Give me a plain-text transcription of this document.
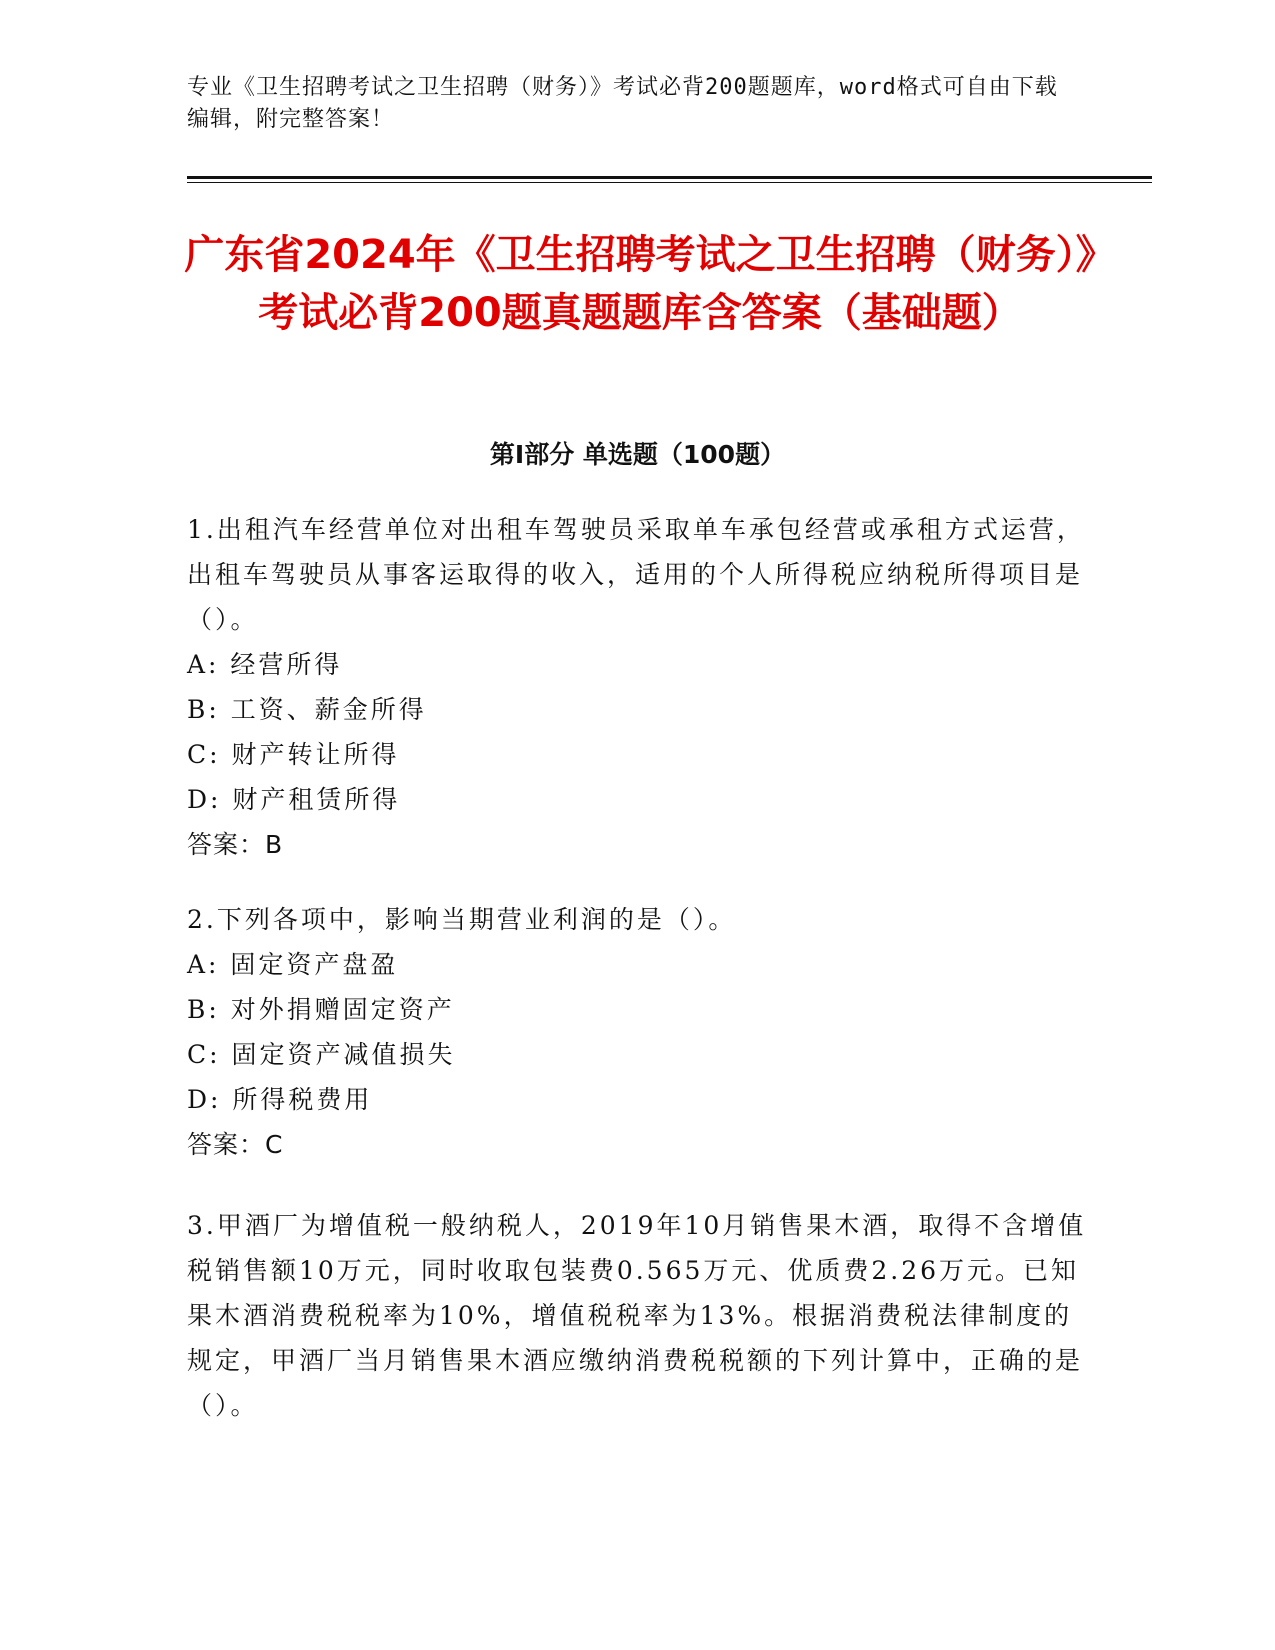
专业《卫生招聘考试之卫生招聘（财务）》考试必背200题题库，word格式可自由下载编辑，附完整答案！
广东省2024年《卫生招聘考试之卫生招聘（财务）》考试必背200题真题题库含答案（基础题）
第Ⅰ部分 单选题（100题）

1.出租汽车经营单位对出租车驾驶员采取单车承包经营或承租方式运营，出租车驾驶员从事客运取得的收入，适用的个人所得税应纳税所得项目是（）。

A: 经营所得

B: 工资、薪金所得

C: 财产转让所得

D: 财产租赁所得

答案：B

2.下列各项中，影响当期营业利润的是（）。

A: 固定资产盘盈

B: 对外捐赠固定资产

C: 固定资产减值损失

D: 所得税费用

答案：C

3.甲酒厂为增值税一般纳税人，2019年10月销售果木酒，取得不含增值税销售额10万元，同时收取包装费0.565万元、优质费2.26万元。已知果木酒消费税税率为10%，增值税税率为13%。根据消费税法律制度的规定，甲酒厂当月销售果木酒应缴纳消费税税额的下列计算中，正确的是（）。
